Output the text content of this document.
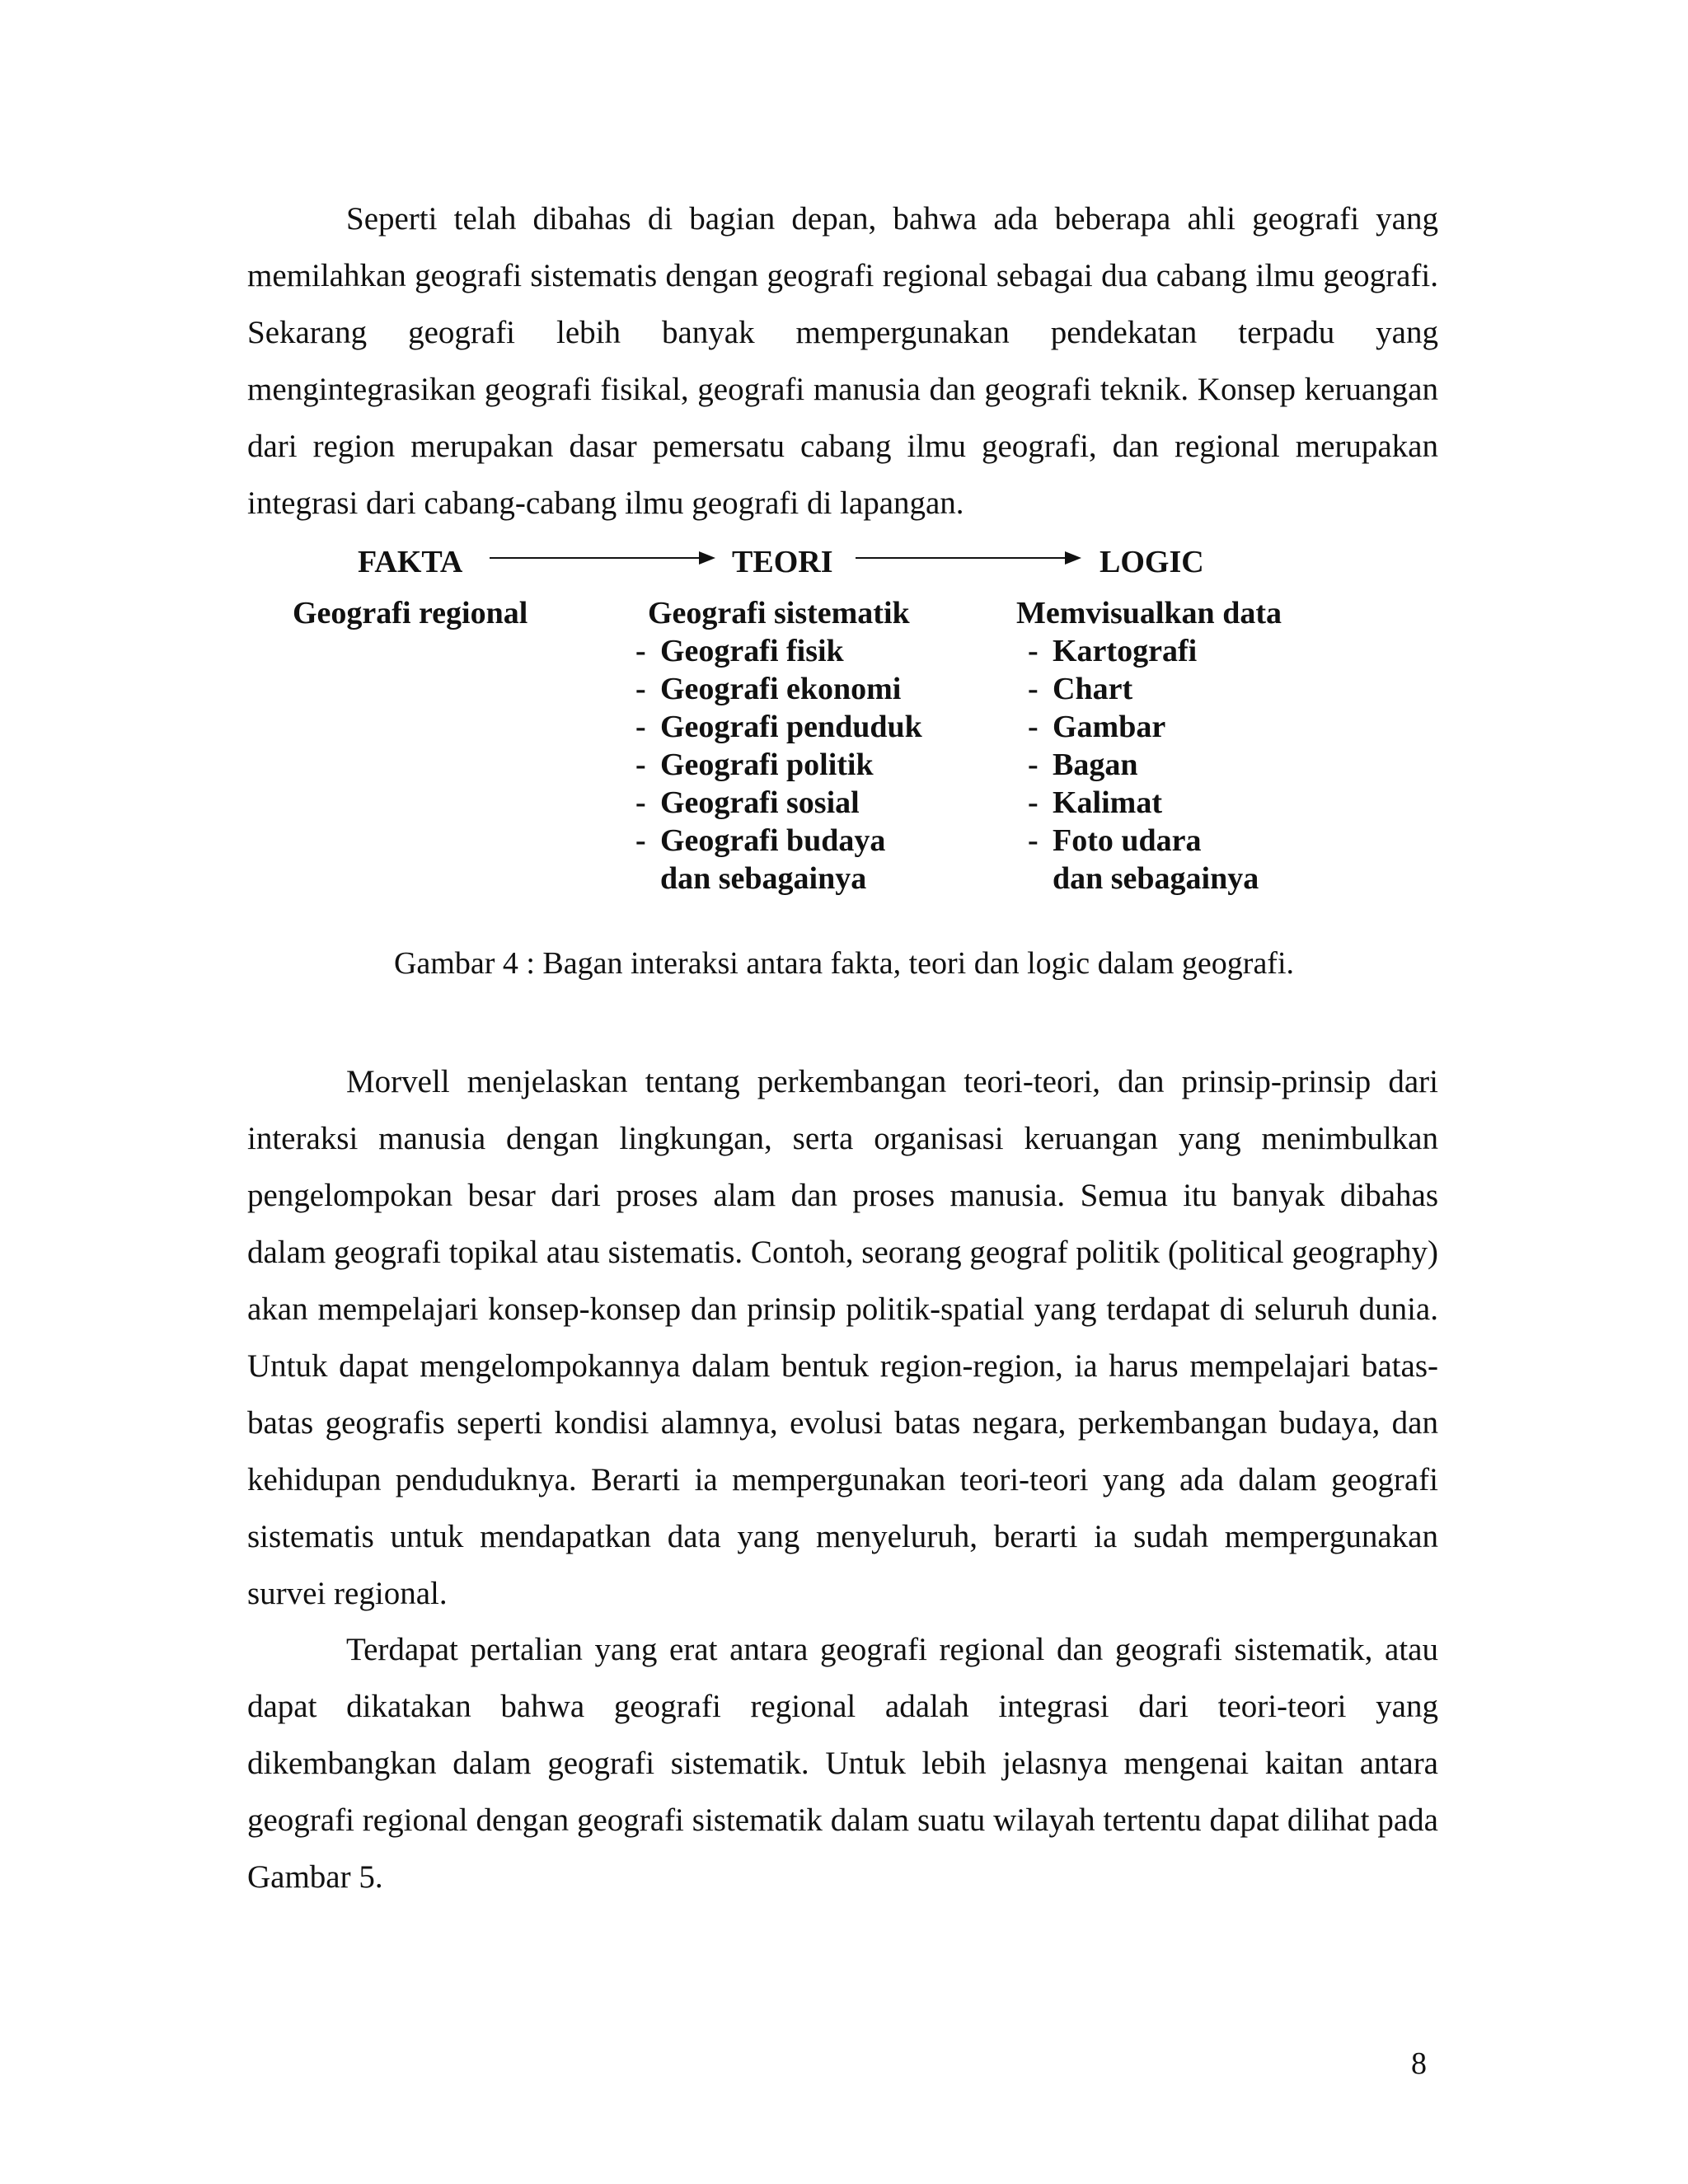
Seperti telah dibahas di bagian depan, bahwa ada beberapa ahli geografi yang memilahkan geografi sistematis dengan geografi regional sebagai dua cabang ilmu geografi. Sekarang geografi lebih banyak mempergunakan pendekatan terpadu yang mengintegrasikan geografi fisikal, geografi manusia dan geografi teknik. Konsep keruangan dari region merupakan dasar pemersatu cabang ilmu geografi, dan regional merupakan integrasi dari cabang-cabang ilmu geografi di lapangan.

FAKTA	TEORI	LOGIC
Geografi regional	Geografi sistematik
- Geografi fisik
- Geografi ekonomi
- Geografi penduduk
- Geografi politik
- Geografi sosial
- Geografi budaya
dan sebagainya
Memvisualkan data
- Kartografi
- Chart
- Gambar
- Bagan
- Kalimat
- Foto udara
dan sebagainya

Gambar 4 : Bagan interaksi antara fakta, teori dan logic dalam geografi.

Morvell menjelaskan tentang perkembangan teori-teori, dan prinsip-prinsip dari interaksi manusia dengan lingkungan, serta organisasi keruangan yang menimbulkan pengelompokan besar dari proses alam dan proses manusia. Semua itu banyak dibahas dalam geografi topikal atau sistematis. Contoh, seorang geograf politik (political geography) akan mempelajari konsep-konsep dan prinsip politik-spatial yang terdapat di seluruh dunia. Untuk dapat mengelompokannya dalam bentuk region-region, ia harus mempelajari batas-batas geografis seperti kondisi alamnya, evolusi batas negara, perkembangan budaya, dan kehidupan penduduknya. Berarti ia mempergunakan teori-teori yang ada dalam geografi sistematis untuk mendapatkan data yang menyeluruh, berarti ia sudah mempergunakan survei regional.

Terdapat pertalian yang erat antara geografi regional dan geografi sistematik, atau dapat dikatakan bahwa geografi regional adalah integrasi dari teori-teori yang dikembangkan dalam geografi sistematik. Untuk lebih jelasnya mengenai kaitan antara geografi regional dengan geografi sistematik dalam suatu wilayah tertentu dapat dilihat pada Gambar 5.

8
